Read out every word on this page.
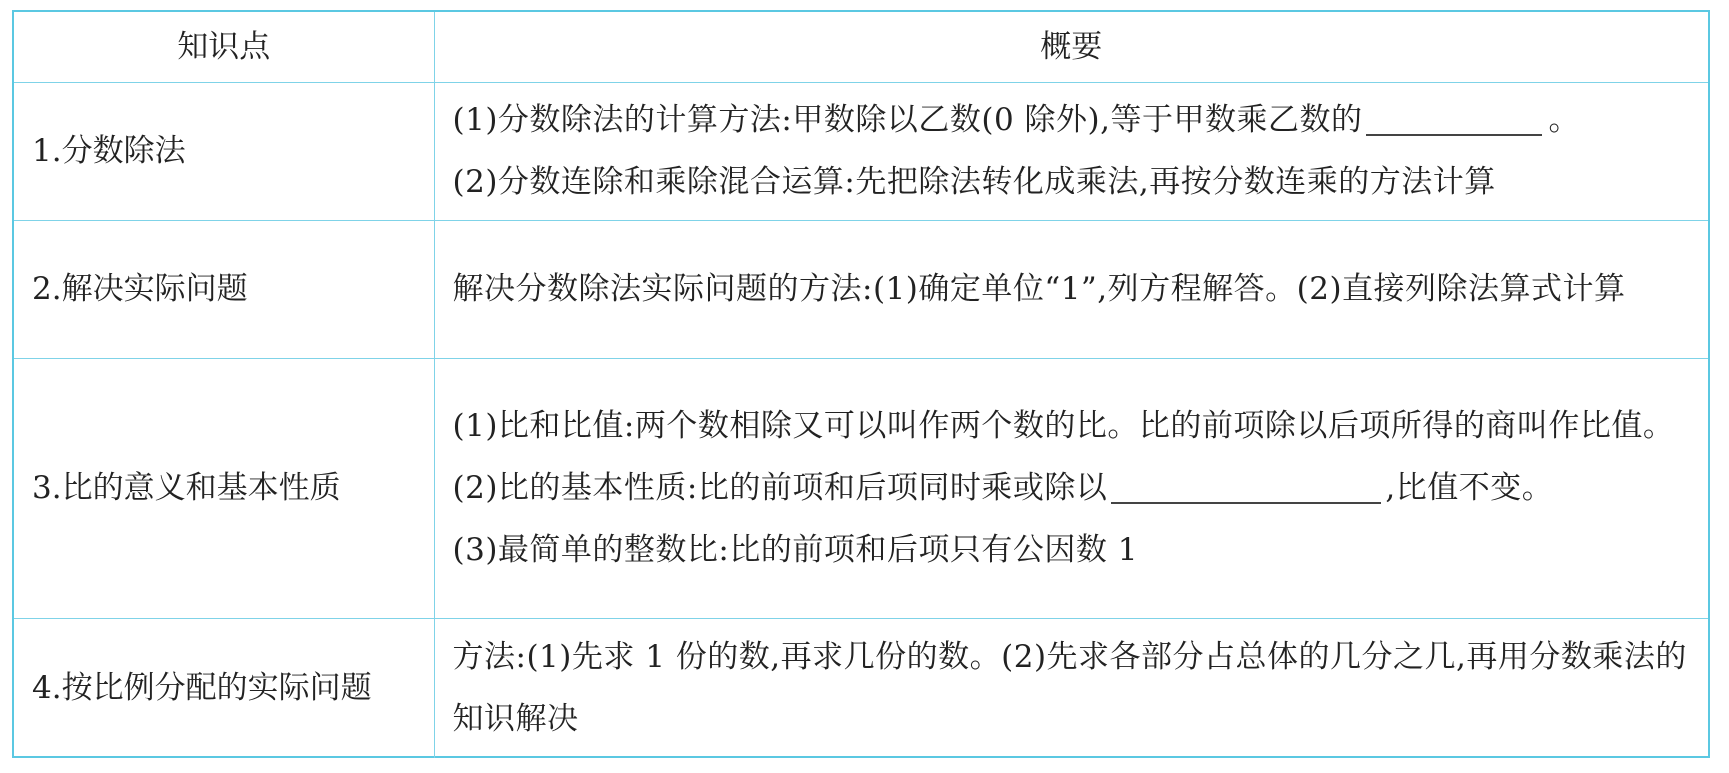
知识点	概要
1.分数除法	(1)分数除法的计算方法:甲数除以乙数(0 除外),等于甲数乘乙数的 。
(2)分数连除和乘除混合运算:先把除法转化成乘法,再按分数连乘的方法计算

2.解决实际问题	解决分数除法实际问题的方法:(1)确定单位“1”,列方程解答。(2)直接列除法算式计算

3.比的意义和基本性质	(1)比和比值:两个数相除又可以叫作两个数的比。比的前项除以后项所得的商叫作比值。
(2)比的基本性质:比的前项和后项同时乘或除以 ,比值不变。
(3)最简单的整数比:比的前项和后项只有公因数 1

4.按比例分配的实际问题	方法:(1)先求 1 份的数,再求几份的数。(2)先求各部分占总体的几分之几,再用分数乘法的知识解决
